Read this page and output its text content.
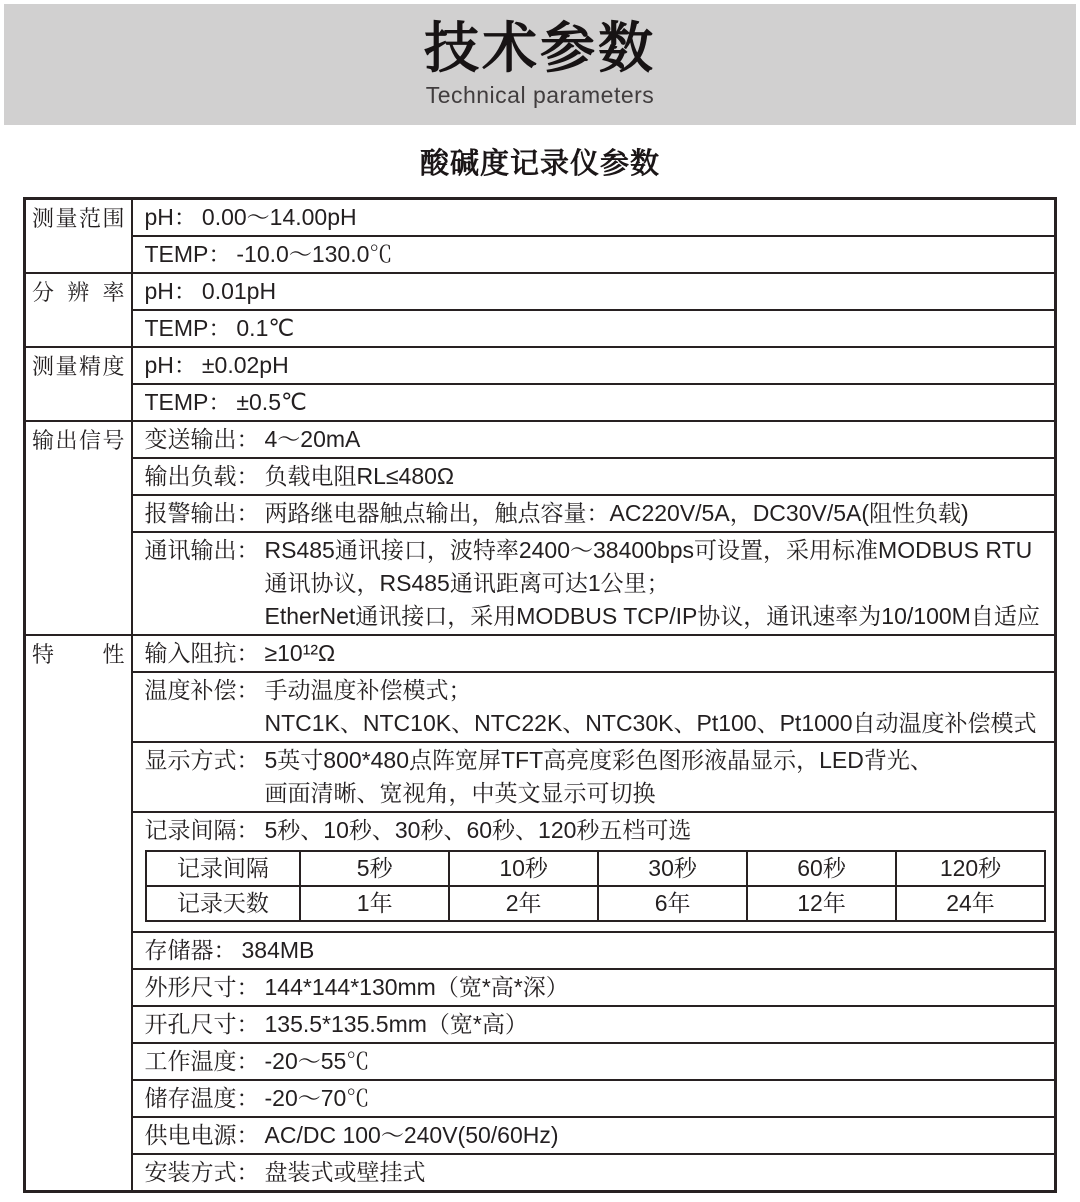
技术参数
Technical parameters
酸碱度记录仪参数
测量范围	pH： 0.00～14.00pH

TEMP： -10.0～130.0℃

分辨率	pH： 0.01pH

TEMP： 0.1℃

测量精度	pH： ±0.02pH

TEMP： ±0.5℃

输出信号	变送输出： 4～20mA

输出负载： 负载电阻RL≤480Ω

报警输出： 两路继电器触点输出，触点容量：AC220V/5A，DC30V/5A(阻性负载)

通讯输出： RS485通讯接口，波特率2400～38400bps可设置，采用标准MODBUS RTU
通讯协议，RS485通讯距离可达1公里；
EtherNet通讯接口，采用MODBUS TCP/IP协议，通讯速率为10/100M自适应

特性	输入阻抗： ≥10¹²Ω

温度补偿： 手动温度补偿模式；
NTC1K、NTC10K、NTC22K、NTC30K、Pt100、Pt1000自动温度补偿模式

显示方式： 5英寸800*480点阵宽屏TFT高亮度彩色图形液晶显示，LED背光、
画面清晰、宽视角，中英文显示可切换

记录间隔： 5秒、10秒、30秒、60秒、120秒五档可选
记录间隔	5秒	10秒	30秒	60秒	120秒
记录天数	1年	2年	6年	12年	24年

存储器： 384MB

外形尺寸： 144*144*130mm（宽*高*深）

开孔尺寸： 135.5*135.5mm（宽*高）

工作温度： -20～55℃

储存温度： -20～70℃

供电电源： AC/DC 100～240V(50/60Hz)

安装方式： 盘装式或壁挂式
